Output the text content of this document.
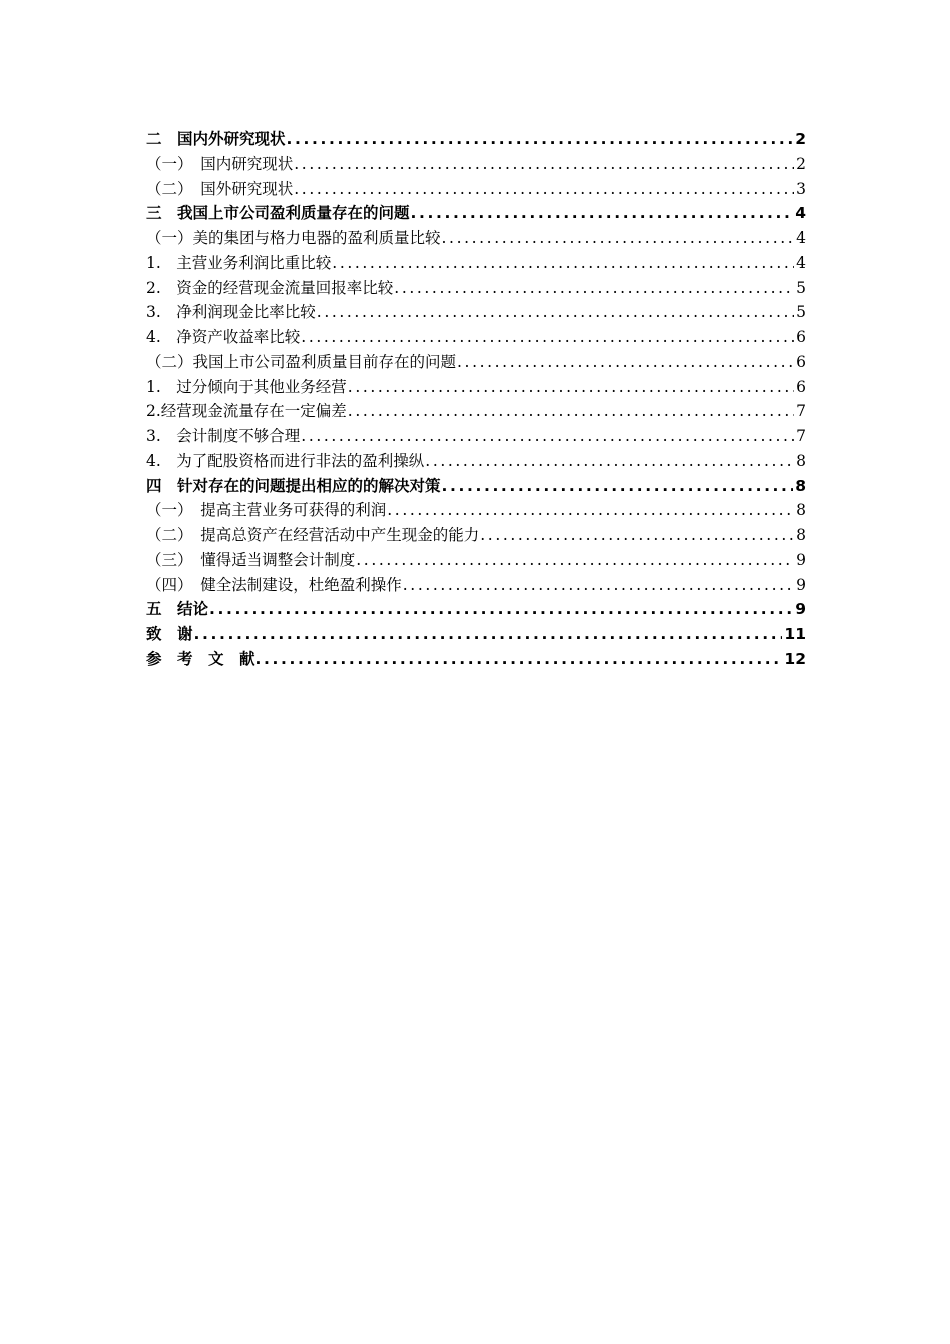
二　国内外研究现状 .....	2
（一）　国内研究现状 .....	2
（二）　国外研究现状 .....	3
三　我国上市公司盈利质量存在的问题 .....	4
（一）美的集团与格力电器的盈利质量比较 .....	4
1.　主营业务利润比重比较 .....	4
2.　资金的经营现金流量回报率比较 .....	5
3.　净利润现金比率比较 .....	5
4.　净资产收益率比较 .....	6
（二）我国上市公司盈利质量目前存在的问题 .....	6
1.　过分倾向于其他业务经营 .....	6
2.经营现金流量存在一定偏差 .....	7
3.　会计制度不够合理 .....	7
4.　为了配股资格而进行非法的盈利操纵 .....	8
四　针对存在的问题提出相应的的解决对策 .....	8
（一）　提高主营业务可获得的利润 .....	8
（二）　提高总资产在经营活动中产生现金的能力 .....	8
（三）　懂得适当调整会计制度 .....	9
（四）　健全法制建设，杜绝盈利操作 .....	9
五　结论 .....	9
致　谢 .....	11
参　考　文　献 .....	12
